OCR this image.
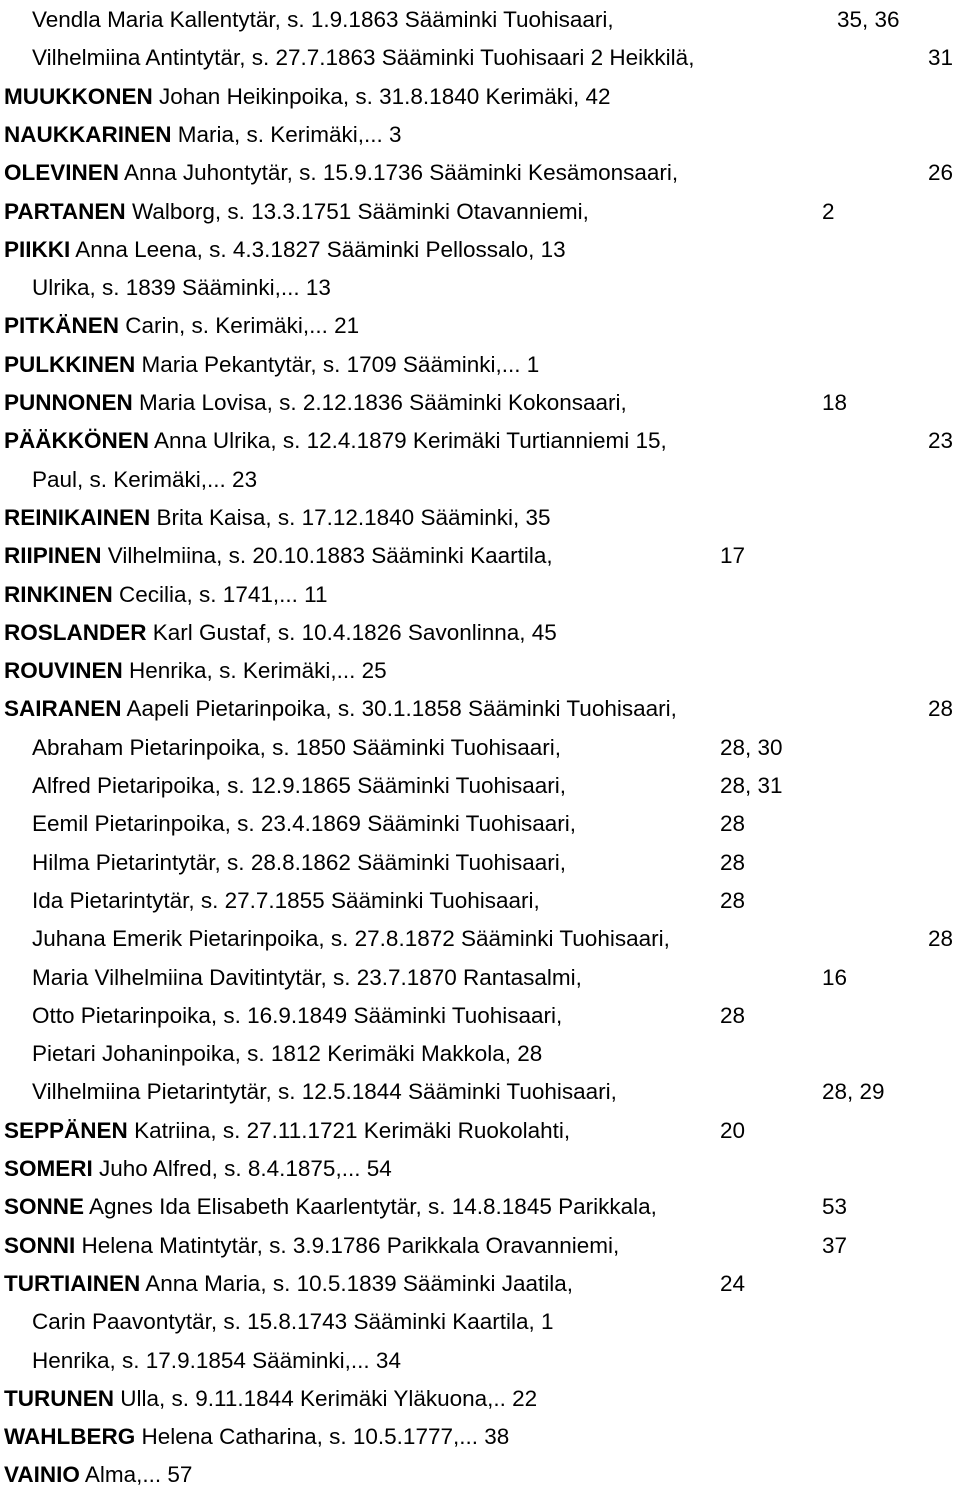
Vendla Maria Kallentytär, s. 1.9.1863 Sääminki Tuohisaari,	35, 36
Vilhelmiina Antintytär, s. 27.7.1863 Sääminki Tuohisaari 2 Heikkilä,	31
MUUKKONEN Johan Heikinpoika, s. 31.8.1840 Kerimäki, 42
NAUKKARINEN Maria, s. Kerimäki,... 3
OLEVINEN Anna Juhontytär, s. 15.9.1736 Sääminki Kesämonsaari,	26
PARTANEN Walborg, s. 13.3.1751 Sääminki Otavanniemi,	2
PIIKKI Anna Leena, s. 4.3.1827 Sääminki Pellossalo, 13
Ulrika, s. 1839 Sääminki,... 13
PITKÄNEN Carin, s. Kerimäki,... 21
PULKKINEN Maria Pekantytär, s. 1709 Sääminki,... 1
PUNNONEN Maria Lovisa, s. 2.12.1836 Sääminki Kokonsaari,	18
PÄÄKKÖNEN Anna Ulrika, s. 12.4.1879 Kerimäki Turtianniemi 15,	23
Paul, s. Kerimäki,... 23
REINIKAINEN Brita Kaisa, s. 17.12.1840 Sääminki, 35
RIIPINEN Vilhelmiina, s. 20.10.1883 Sääminki Kaartila,	17
RINKINEN Cecilia, s. 1741,... 11
ROSLANDER Karl Gustaf, s. 10.4.1826 Savonlinna, 45
ROUVINEN Henrika, s. Kerimäki,... 25
SAIRANEN Aapeli Pietarinpoika, s. 30.1.1858 Sääminki Tuohisaari,	28
Abraham Pietarinpoika, s. 1850 Sääminki Tuohisaari,	28, 30
Alfred Pietaripoika, s. 12.9.1865 Sääminki Tuohisaari,	28, 31
Eemil Pietarinpoika, s. 23.4.1869 Sääminki Tuohisaari,	28
Hilma Pietarintytär, s. 28.8.1862 Sääminki Tuohisaari,	28
Ida Pietarintytär, s. 27.7.1855 Sääminki Tuohisaari,	28
Juhana Emerik Pietarinpoika, s. 27.8.1872 Sääminki Tuohisaari,	28
Maria Vilhelmiina Davitintytär, s. 23.7.1870 Rantasalmi,	16
Otto Pietarinpoika, s. 16.9.1849 Sääminki Tuohisaari,	28
Pietari Johaninpoika, s. 1812 Kerimäki Makkola, 28
Vilhelmiina Pietarintytär, s. 12.5.1844 Sääminki Tuohisaari,	28, 29
SEPPÄNEN Katriina, s. 27.11.1721 Kerimäki Ruokolahti,	20
SOMERI Juho Alfred, s. 8.4.1875,... 54
SONNE Agnes Ida Elisabeth Kaarlentytär, s. 14.8.1845 Parikkala,	53
SONNI Helena Matintytär, s. 3.9.1786 Parikkala Oravanniemi,	37
TURTIAINEN Anna Maria, s. 10.5.1839 Sääminki Jaatila,	24
Carin Paavontytär, s. 15.8.1743 Sääminki Kaartila, 1
Henrika, s. 17.9.1854 Sääminki,... 34
TURUNEN Ulla, s. 9.11.1844 Kerimäki Yläkuona,.. 22
WAHLBERG Helena Catharina, s. 10.5.1777,... 38
VAINIO Alma,... 57
